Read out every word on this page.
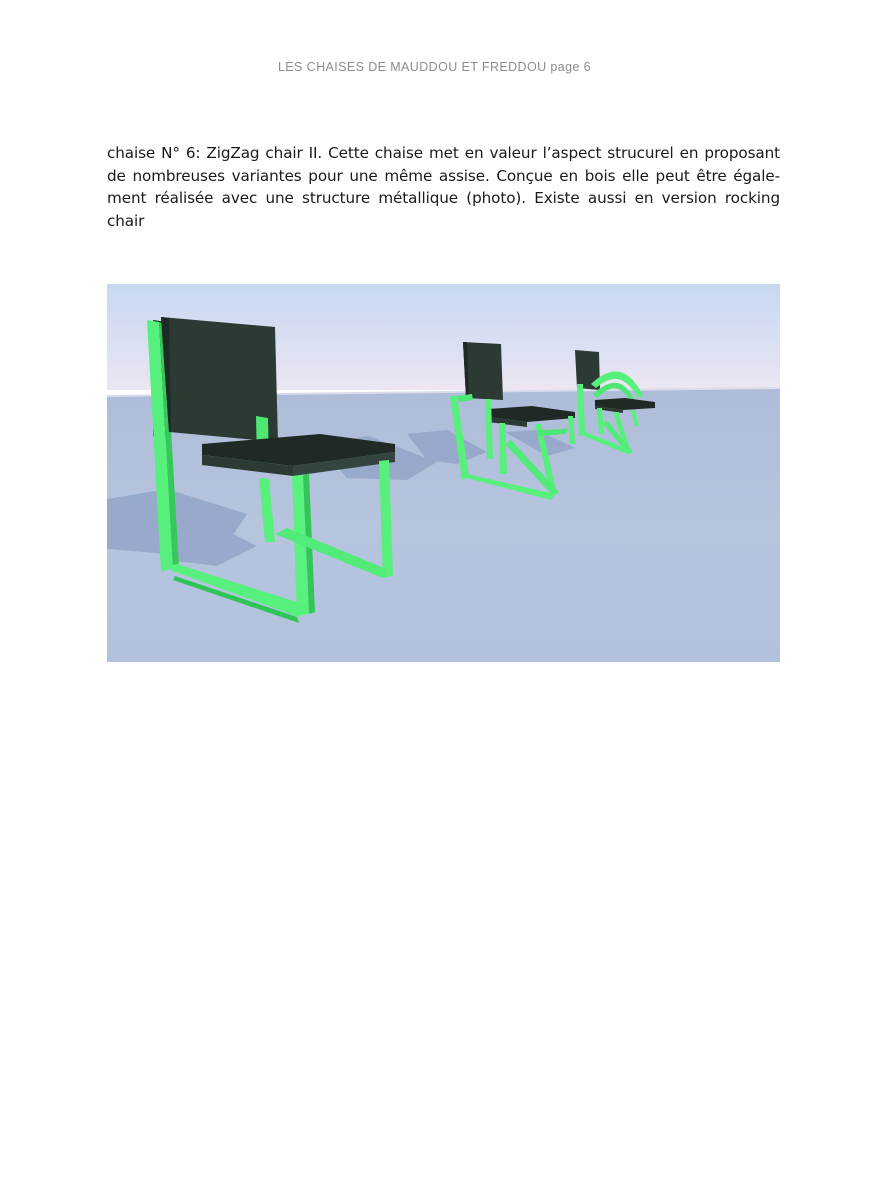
LES CHAISES DE MAUDDOU ET FREDDOU page 6

chaise N° 6: ZigZag chair II. Cette chaise met en valeur l’aspect strucurel en proposant de nombreuses variantes pour une même assise. Conçue en bois elle peut être égale- ment réalisée avec une structure métallique (photo). Existe aussi en version rocking chair
